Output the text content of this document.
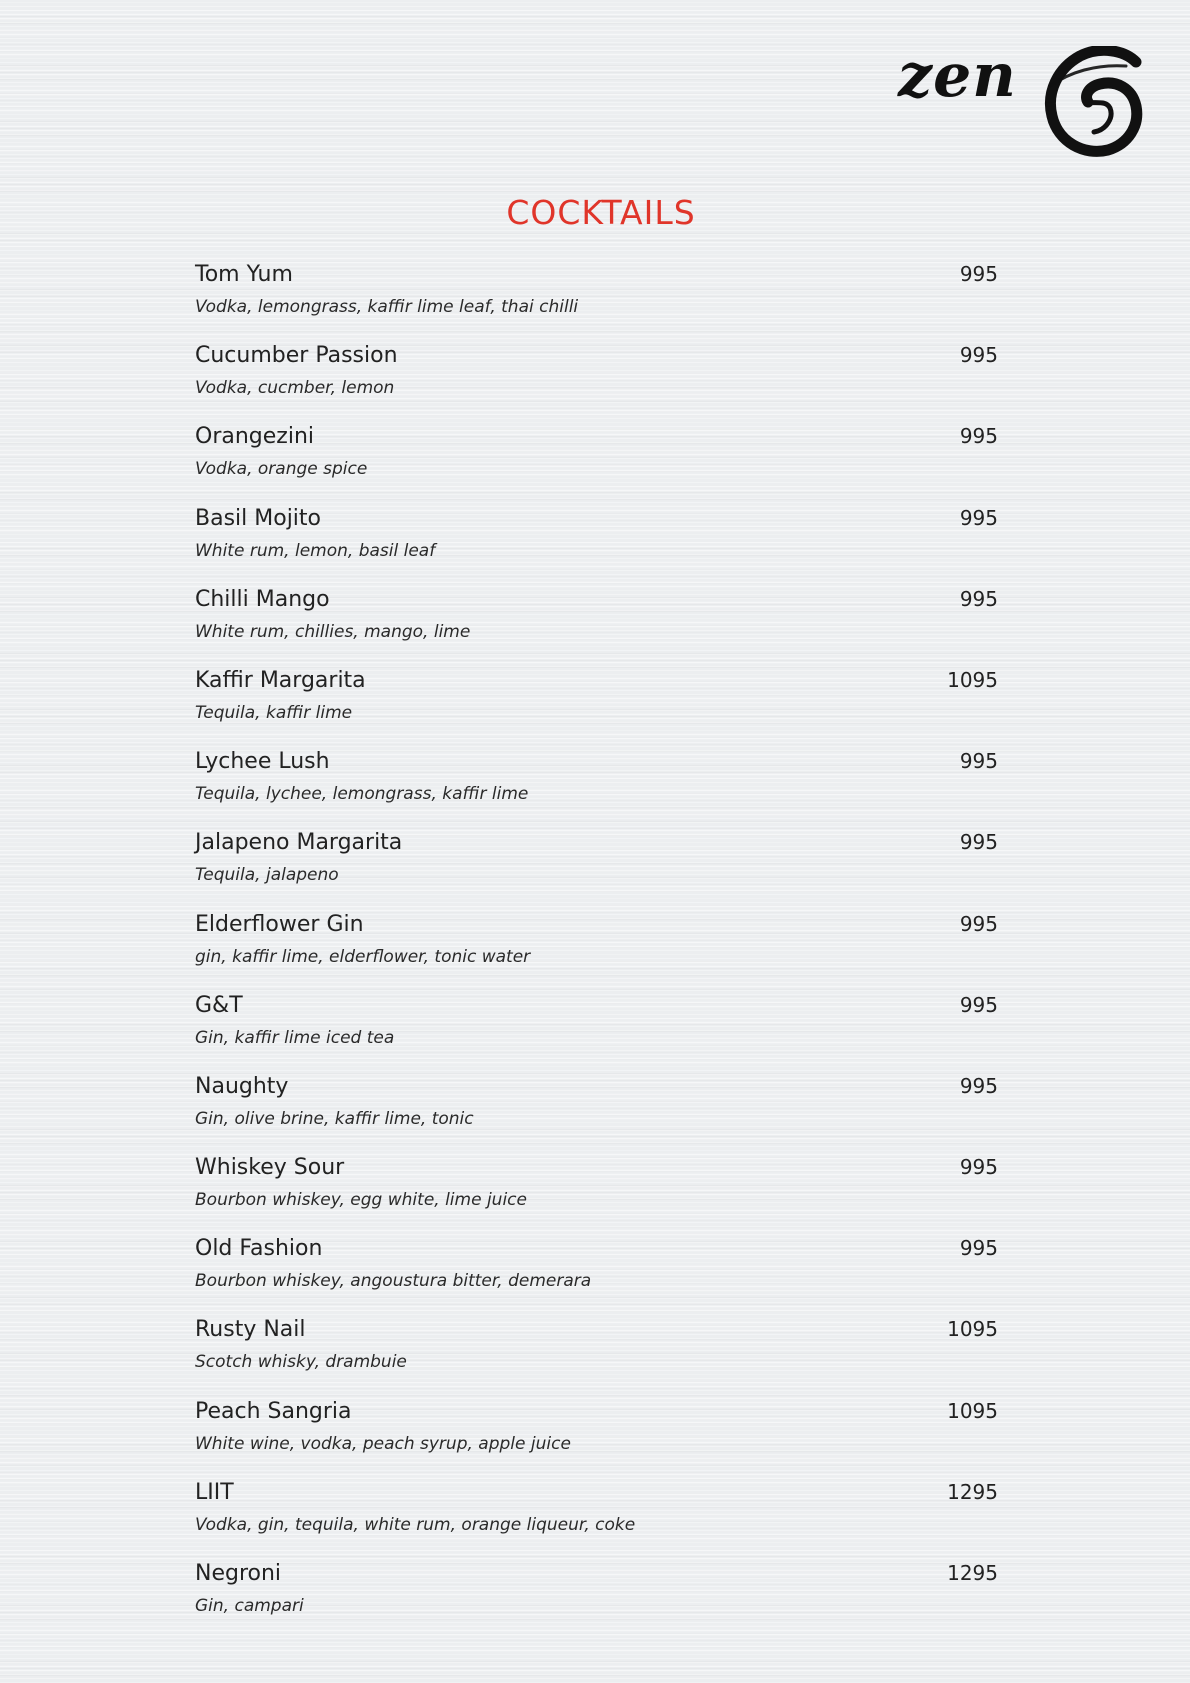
zen
COCKTAILS
Tom Yum
Vodka, lemongrass, kaffir lime leaf, thai chilli
995
Cucumber Passion
Vodka, cucmber, lemon
995
Orangezini
Vodka, orange spice
995
Basil Mojito
White rum, lemon, basil leaf
995
Chilli Mango
White rum, chillies, mango, lime
995
Kaffir Margarita
Tequila, kaffir lime
1095
Lychee Lush
Tequila, lychee, lemongrass, kaffir lime
995
Jalapeno Margarita
Tequila, jalapeno
995
Elderflower Gin
gin, kaffir lime, elderflower, tonic water
995
G&T
Gin, kaffir lime iced tea
995
Naughty
Gin, olive brine, kaffir lime, tonic
995
Whiskey Sour
Bourbon whiskey, egg white, lime juice
995
Old Fashion
Bourbon whiskey, angoustura bitter, demerara
995
Rusty Nail
Scotch whisky, drambuie
1095
Peach Sangria
White wine, vodka, peach syrup, apple juice
1095
LIIT
Vodka, gin, tequila, white rum, orange liqueur, coke
1295
Negroni
Gin, campari
1295
